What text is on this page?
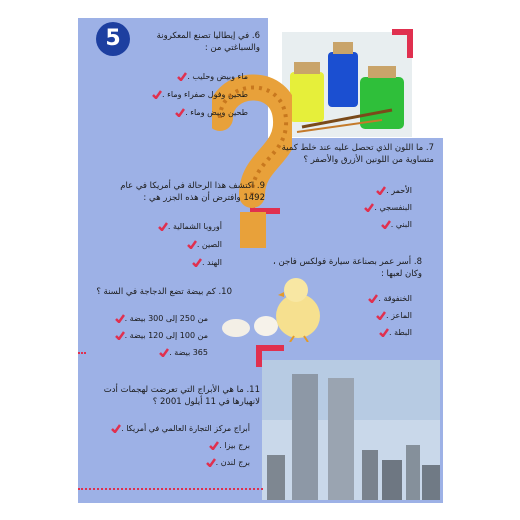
5	6. في إيطاليا تصنع المعكرونة والسباغتي من :
ماء وبيض وحليب .
طحين وفول صفراء وماء .
طحين وبيض وماء .
7. ما اللون الذي تحصل عليه عند خلط كمية متساوية من اللونين الأزرق والأصفر ؟
الأحمر .
البنفسجي .
البني .
9. اكتشف هذا الرحالة في أمريكا في عام 1492 وافترض أن هذه الجزر هي :
أوروبا الشمالية .
الصين .
الهند .	8. أسر عمر بصناعة سيارة فولكس فاجن ، وكان لعبها :
الخنفوقة .
الماعز .
البطة .
10. كم بيضة تضع الدجاجة في السنة ؟
من 250 إلى 300 بيضة .
من 100 إلى 120 بيضة .
365 بيضة .
11. ما هي الأبراج التي تعرضت لهجمات أدت لانهيارها في 11 أيلول 2001 ؟
أبراج مركز التجارة العالمي في أمريكا .
برج بيزا .
برج لندن .
